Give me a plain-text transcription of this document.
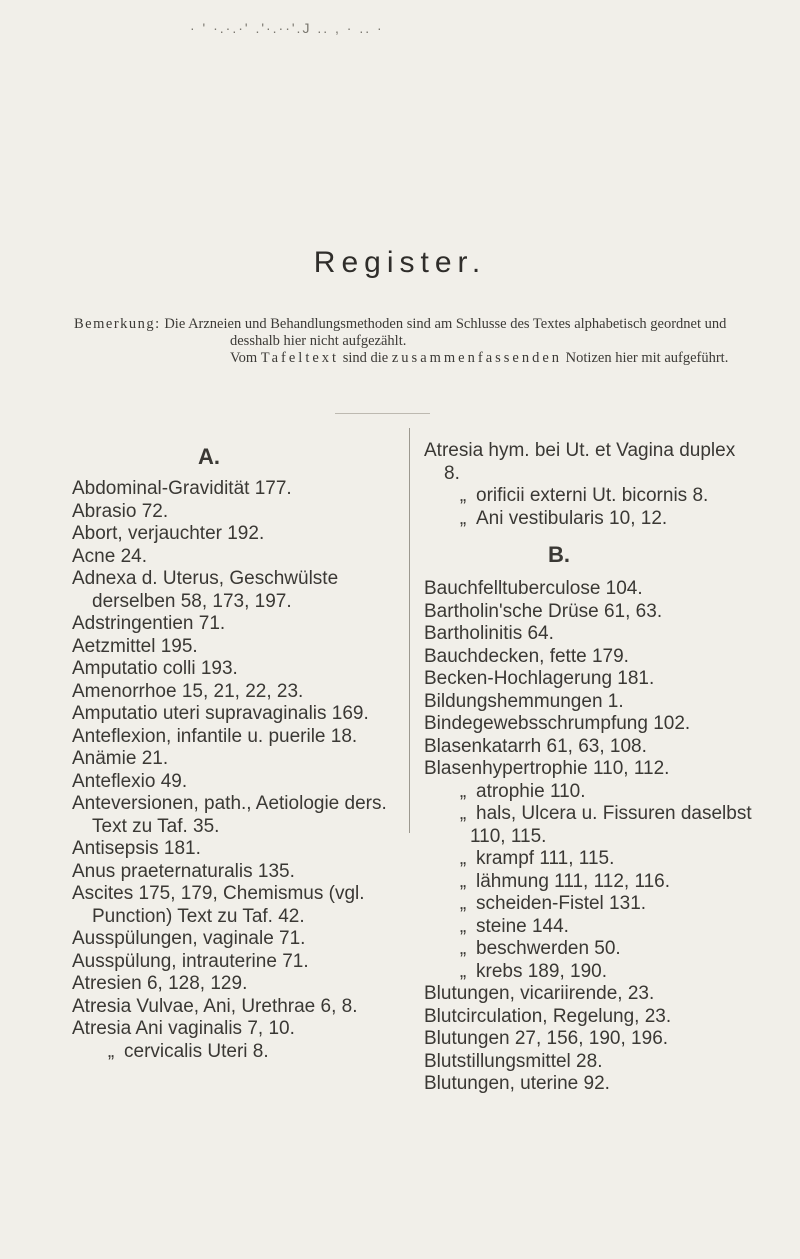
· ' ·.·.·' .'·.··'.J .. , · .. ·
Register.
Bemerkung: Die Arzneien und Behandlungsmethoden sind am Schlusse des Textes alphabetisch geordnet und desshalb hier nicht aufgezählt.
Vom Tafeltext sind die zusammenfassenden Notizen hier mit aufgeführt.
A.
Abdominal-Gravidität 177.
Abrasio 72.
Abort, verjauchter 192.
Acne 24.
Adnexa d. Uterus, Geschwülste derselben 58, 173, 197.
Adstringentien 71.
Aetzmittel 195.
Amputatio colli 193.
Amenorrhoe 15, 21, 22, 23.
Amputatio uteri supravaginalis 169.
Anteflexion, infantile u. puerile 18.
Anämie 21.
Anteflexio 49.
Anteversionen, path., Aetiologie ders. Text zu Taf. 35.
Antisepsis 181.
Anus praeternaturalis 135.
Ascites 175, 179, Chemismus (vgl. Punction) Text zu Taf. 42.
Ausspülungen, vaginale 71.
Ausspülung, intrauterine 71.
Atresien 6, 128, 129.
Atresia Vulvae, Ani, Urethrae 6, 8.
Atresia Ani vaginalis 7, 10.
„ cervicalis Uteri 8.
Atresia hym. bei Ut. et Vagina duplex 8.
„ orificii externi Ut. bicornis 8.
„ Ani vestibularis 10, 12.
B.
Bauchfelltuberculose 104.
Bartholin'sche Drüse 61, 63.
Bartholinitis 64.
Bauchdecken, fette 179.
Becken-Hochlagerung 181.
Bildungshemmungen 1.
Bindegewebsschrumpfung 102.
Blasenkatarrh 61, 63, 108.
Blasenhypertrophie 110, 112.
„ atrophie 110.
„ hals, Ulcera u. Fissuren daselbst 110, 115.
„ krampf 111, 115.
„ lähmung 111, 112, 116.
„ scheiden-Fistel 131.
„ steine 144.
„ beschwerden 50.
„ krebs 189, 190.
Blutungen, vicariirende, 23.
Blutcirculation, Regelung, 23.
Blutungen 27, 156, 190, 196.
Blutstillungsmittel 28.
Blutungen, uterine 92.
